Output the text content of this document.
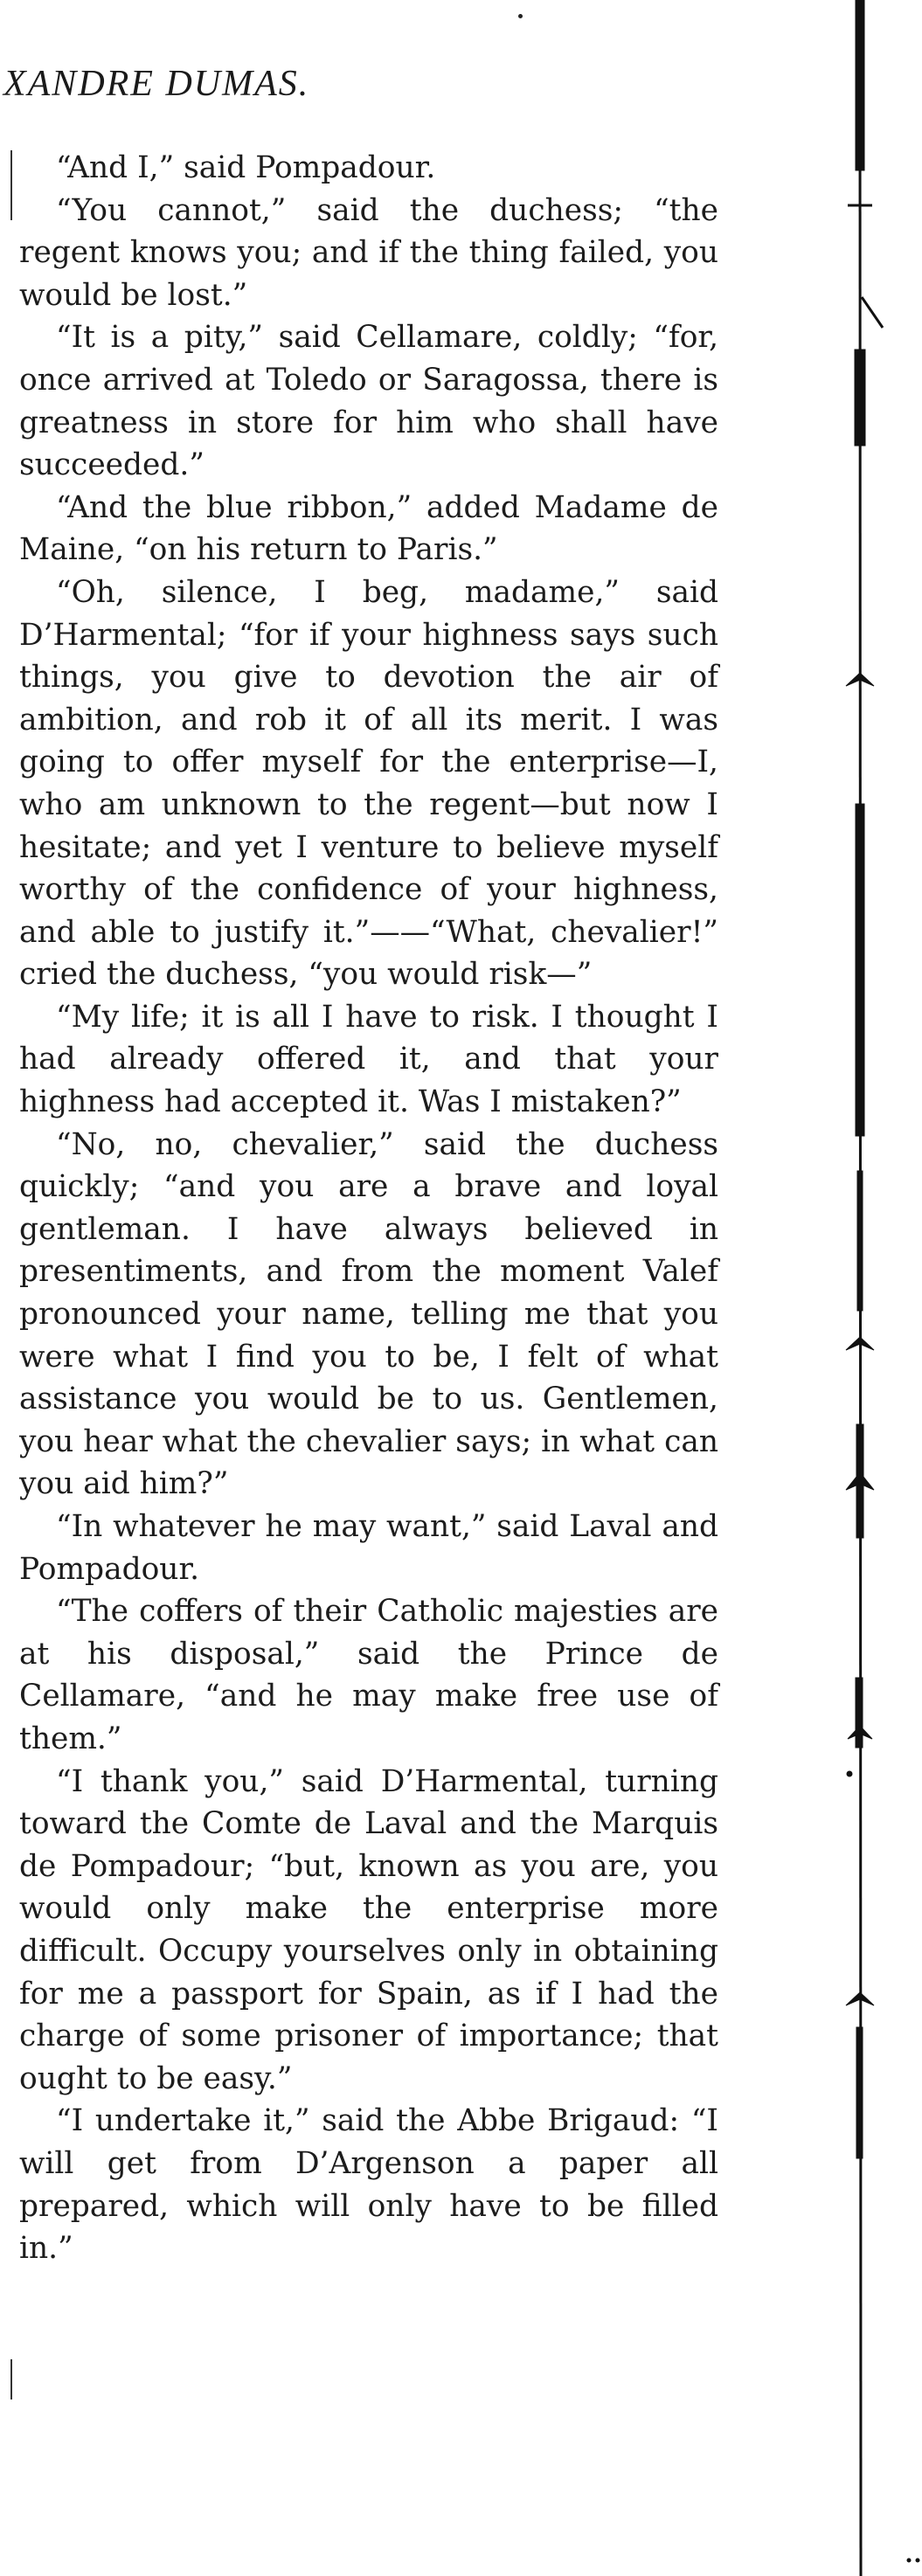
XANDRE DUMAS.

“And I,” said Pompadour.

“You cannot,” said the duchess; “the regent knows you; and if the thing failed, you would be lost.”

“It is a pity,” said Cellamare, coldly; “for, once arrived at Toledo or Saragossa, there is greatness in store for him who shall have succeeded.”

“And the blue ribbon,” added Madame de Maine, “on his return to Paris.”

“Oh, silence, I beg, madame,” said D’Harmental; “for if your highness says such things, you give to devotion the air of ambition, and rob it of all its merit. I was going to offer myself for the enterprise—I, who am unknown to the regent—but now I hesitate; and yet I venture to believe myself worthy of the confidence of your highness, and able to justify it.”——“What, chevalier!” cried the duchess, “you would risk—”

“My life; it is all I have to risk. I thought I had already offered it, and that your highness had accepted it. Was I mistaken?”

“No, no, chevalier,” said the duchess quickly; “and you are a brave and loyal gentleman. I have always believed in presentiments, and from the moment Valef pronounced your name, telling me that you were what I find you to be, I felt of what assistance you would be to us. Gentlemen, you hear what the chevalier says; in what can you aid him?”

“In whatever he may want,” said Laval and Pompadour.

“The coffers of their Catholic majesties are at his disposal,” said the Prince de Cellamare, “and he may make free use of them.”

“I thank you,” said D’Harmental, turning toward the Comte de Laval and the Marquis de Pompadour; “but, known as you are, you would only make the enterprise more difficult. Occupy yourselves only in obtaining for me a passport for Spain, as if I had the charge of some prisoner of importance; that ought to be easy.”

“I undertake it,” said the Abbe Brigaud: “I will get from D’Argenson a paper all prepared, which will only have to be filled in.”
